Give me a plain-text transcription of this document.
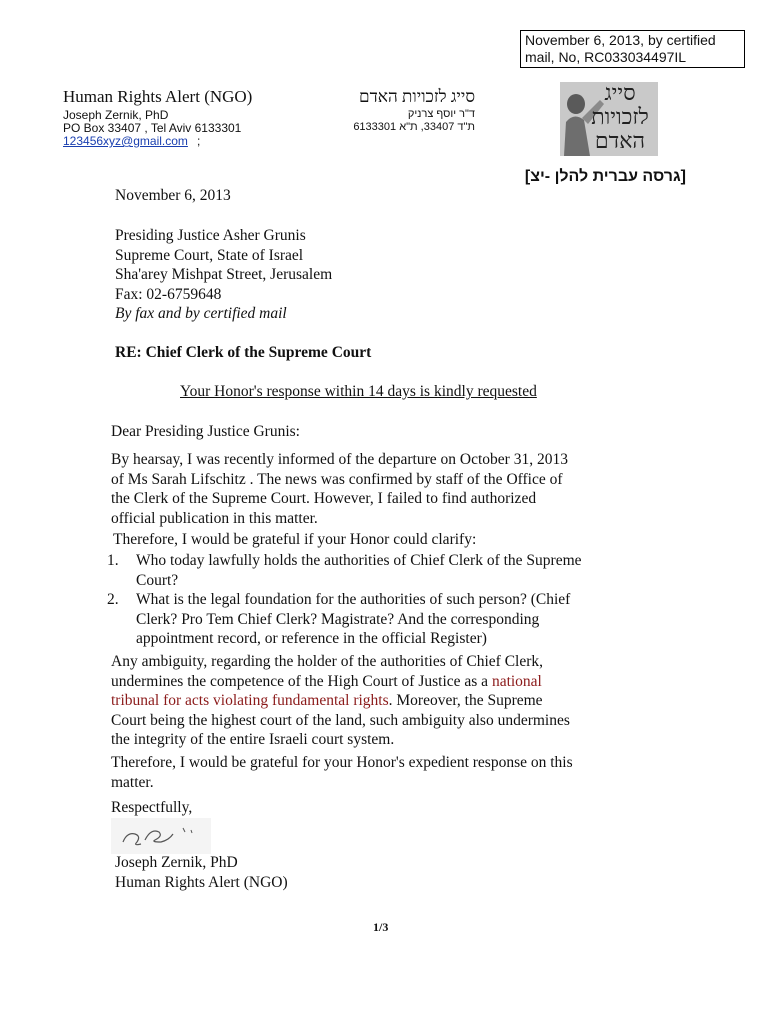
November 6, 2013, by certified
mail, No, RC033034497IL
Human Rights Alert (NGO)
Joseph Zernik, PhD
PO Box 33407 , Tel Aviv 6133301
123456xyz@gmail.com ;
סייג לזכויות האדם
ד"ר יוסף צרניק
ת"ד 33407, ת"א 6133301
סייג לזכויות האדם
[גרסה עברית להלן -יצ]
November 6, 2013
Presiding Justice Asher Grunis
Supreme Court, State of Israel
Sha'arey Mishpat Street, Jerusalem
Fax: 02-6759648
By fax and by certified mail
RE: Chief Clerk of the Supreme Court
Your Honor's response within 14 days is kindly requested
Dear Presiding Justice Grunis:
By hearsay, I was recently informed of the departure on October 31, 2013
of Ms Sarah Lifschitz . The news was confirmed by staff of the Office of
the Clerk of the Supreme Court. However, I failed to find authorized
official publication in this matter.
Therefore, I would be grateful if your Honor could clarify:
1. Who today lawfully holds the authorities of Chief Clerk of the Supreme
Court?
2. What is the legal foundation for the authorities of such person? (Chief
Clerk? Pro Tem Chief Clerk? Magistrate? And the corresponding
appointment record, or reference in the official Register)
Any ambiguity, regarding the holder of the authorities of Chief Clerk,
undermines the competence of the High Court of Justice as a national
tribunal for acts violating fundamental rights. Moreover, the Supreme
Court being the highest court of the land, such ambiguity also undermines
the integrity of the entire Israeli court system.
Therefore, I would be grateful for your Honor's expedient response on this
matter.
Respectfully,
Joseph Zernik, PhD
Human Rights Alert (NGO)
1/3
